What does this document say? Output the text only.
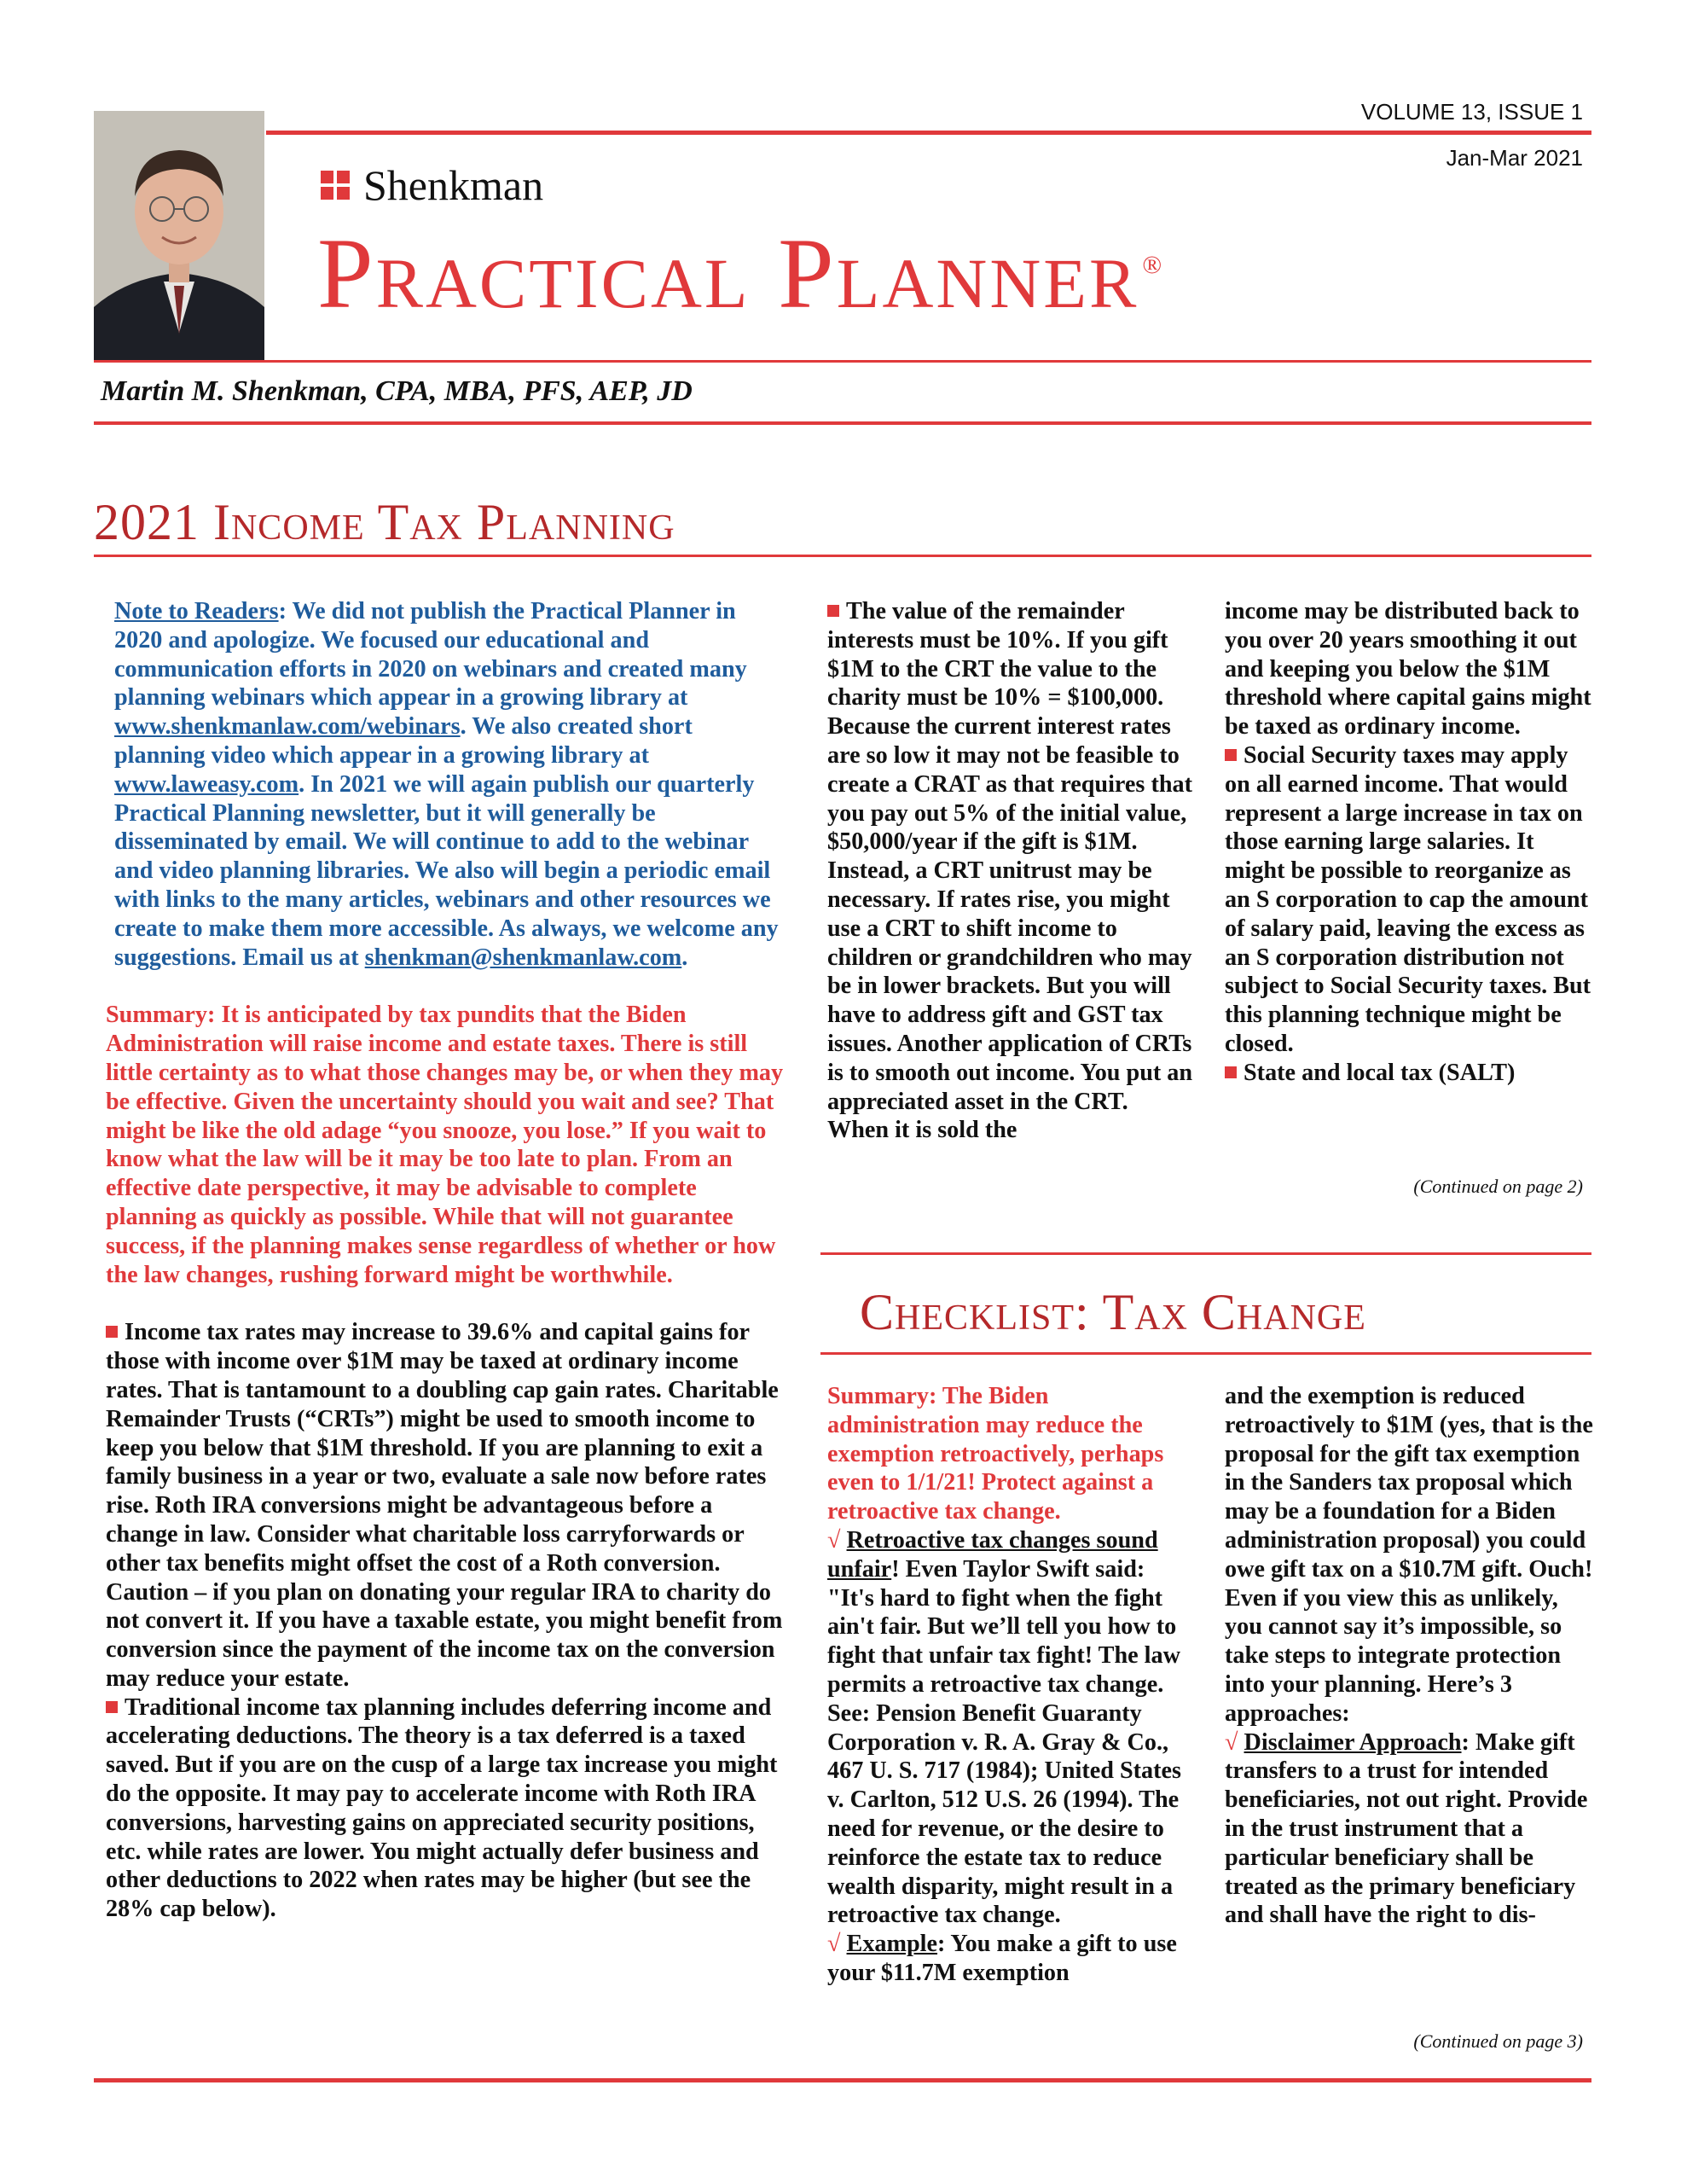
VOLUME 13, ISSUE 1
Jan-Mar 2021
Shenkman
Practical Planner ®
Martin M. Shenkman, CPA, MBA, PFS, AEP, JD
2021 Income Tax Planning

Note to Readers: We did not publish the Practical Planner in 2020 and apologize. We focused our educational and communication efforts in 2020 on webinars and created many planning webinars which appear in a growing library at www.shenkmanlaw.com/webinars. We also created short planning video which appear in a growing library at www.laweasy.com. In 2021 we will again publish our quarterly Practical Planning newsletter, but it will generally be disseminated by email. We will continue to add to the webinar and video planning libraries. We also will begin a periodic email with links to the many articles, webinars and other resources we create to make them more accessible. As always, we welcome any suggestions. Email us at shenkman@shenkmanlaw.com.

Summary: It is anticipated by tax pundits that the Biden Administration will raise income and estate taxes. There is still little certainty as to what those changes may be, or when they may be effective. Given the uncertainty should you wait and see? That might be like the old adage “you snooze, you lose.” If you wait to know what the law will be it may be too late to plan. From an effective date perspective, it may be advisable to complete planning as quickly as possible. While that will not guarantee success, if the planning makes sense regardless of whether or how the law changes, rushing forward might be worthwhile.

Income tax rates may increase to 39.6% and capital gains for those with income over $1M may be taxed at ordinary income rates. That is tantamount to a doubling cap gain rates. Charitable Remainder Trusts (“CRTs”) might be used to smooth income to keep you below that $1M threshold. If you are planning to exit a family business in a year or two, evaluate a sale now before rates rise. Roth IRA conversions might be advantageous before a change in law. Consider what charitable loss carryforwards or other tax benefits might offset the cost of a Roth conversion. Caution – if you plan on donating your regular IRA to charity do not convert it. If you have a taxable estate, you might benefit from conversion since the payment of the income tax on the conversion may reduce your estate.

Traditional income tax planning includes deferring income and accelerating deductions. The theory is a tax deferred is a taxed saved. But if you are on the cusp of a large tax increase you might do the opposite. It may pay to accelerate income with Roth IRA conversions, harvesting gains on appreciated security positions, etc. while rates are lower. You might actually defer business and other deductions to 2022 when rates may be higher (but see the 28% cap below).

The value of the remainder interests must be 10%. If you gift $1M to the CRT the value to the charity must be 10% = $100,000. Because the current interest rates are so low it may not be feasible to create a CRAT as that requires that you pay out 5% of the initial value, $50,000/year if the gift is $1M. Instead, a CRT unitrust may be necessary. If rates rise, you might use a CRT to shift income to children or grandchildren who may be in lower brackets. But you will have to address gift and GST tax issues. Another application of CRTs is to smooth out income. You put an appreciated asset in the CRT. When it is sold the

income may be distributed back to you over 20 years smoothing it out and keeping you below the $1M threshold where capital gains might be taxed as ordinary income.

Social Security taxes may apply on all earned income. That would represent a large increase in tax on those earning large salaries. It might be possible to reorganize as an S corporation to cap the amount of salary paid, leaving the excess as an S corporation distribution not subject to Social Security taxes. But this planning technique might be closed.

State and local tax (SALT)

(Continued on page 2)
Checklist: Tax Change

Summary: The Biden administration may reduce the exemption retroactively, perhaps even to 1/1/21! Protect against a retroactive tax change.

√ Retroactive tax changes sound unfair! Even Taylor Swift said: "It's hard to fight when the fight ain't fair. But we’ll tell you how to fight that unfair tax fight! The law permits a retroactive tax change. See: Pension Benefit Guaranty Corporation v. R. A. Gray & Co., 467 U. S. 717 (1984); United States v. Carlton, 512 U.S. 26 (1994). The need for revenue, or the desire to reinforce the estate tax to reduce wealth disparity, might result in a retroactive tax change.

√ Example: You make a gift to use your $11.7M exemption

and the exemption is reduced retroactively to $1M (yes, that is the proposal for the gift tax exemption in the Sanders tax proposal which may be a foundation for a Biden administration proposal) you could owe gift tax on a $10.7M gift. Ouch! Even if you view this as unlikely, you cannot say it’s impossible, so take steps to integrate protection into your planning. Here’s 3 approaches:

√ Disclaimer Approach: Make gift transfers to a trust for intended beneficiaries, not out right. Provide in the trust instrument that a particular beneficiary shall be treated as the primary beneficiary and shall have the right to dis-

(Continued on page 3)
